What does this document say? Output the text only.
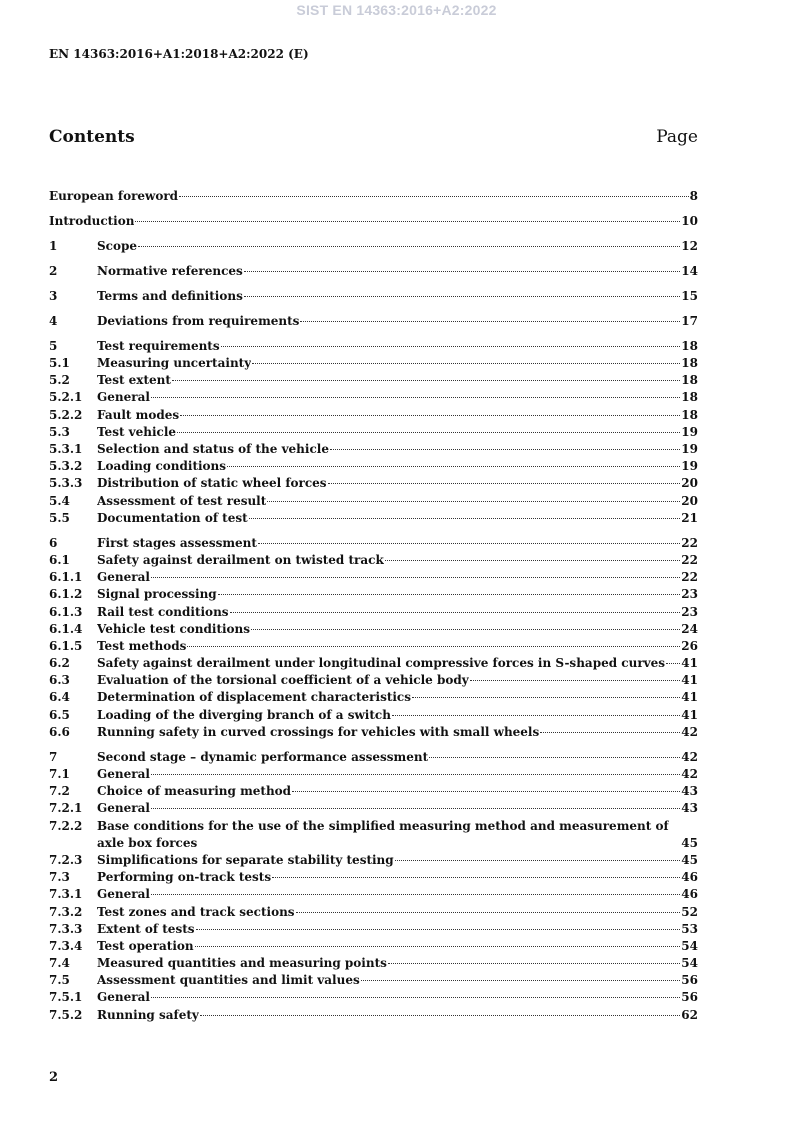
SIST EN 14363:2016+A2:2022
EN 14363:2016+A1:2018+A2:2022 (E)
Contents	Page
European foreword	8
Introduction	10
1	Scope	12
2	Normative references	14
3	Terms and definitions	15
4	Deviations from requirements	17
5	Test requirements	18
5.1	Measuring uncertainty	18
5.2	Test extent	18
5.2.1	General	18
5.2.2	Fault modes	18
5.3	Test vehicle	19
5.3.1	Selection and status of the vehicle	19
5.3.2	Loading conditions	19
5.3.3	Distribution of static wheel forces	20
5.4	Assessment of test result	20
5.5	Documentation of test	21
6	First stages assessment	22
6.1	Safety against derailment on twisted track	22
6.1.1	General	22
6.1.2	Signal processing	23
6.1.3	Rail test conditions	23
6.1.4	Vehicle test conditions	24
6.1.5	Test methods	26
6.2	Safety against derailment under longitudinal compressive forces in S-shaped curves 41
6.3	Evaluation of the torsional coefficient of a vehicle body	41
6.4	Determination of displacement characteristics	41
6.5	Loading of the diverging branch of a switch	41
6.6	Running safety in curved crossings for vehicles with small wheels	42
7	Second stage – dynamic performance assessment	42
7.1	General	42
7.2	Choice of measuring method	43
7.2.1	General	43
7.2.2	Base conditions for the use of the simplified measuring method and measurement of
axle box forces	45
7.2.3	Simplifications for separate stability testing	45
7.3	Performing on-track tests	46
7.3.1	General	46
7.3.2	Test zones and track sections	52
7.3.3	Extent of tests	53
7.3.4	Test operation	54
7.4	Measured quantities and measuring points	54
7.5	Assessment quantities and limit values	56
7.5.1	General	56
7.5.2	Running safety	62
2
